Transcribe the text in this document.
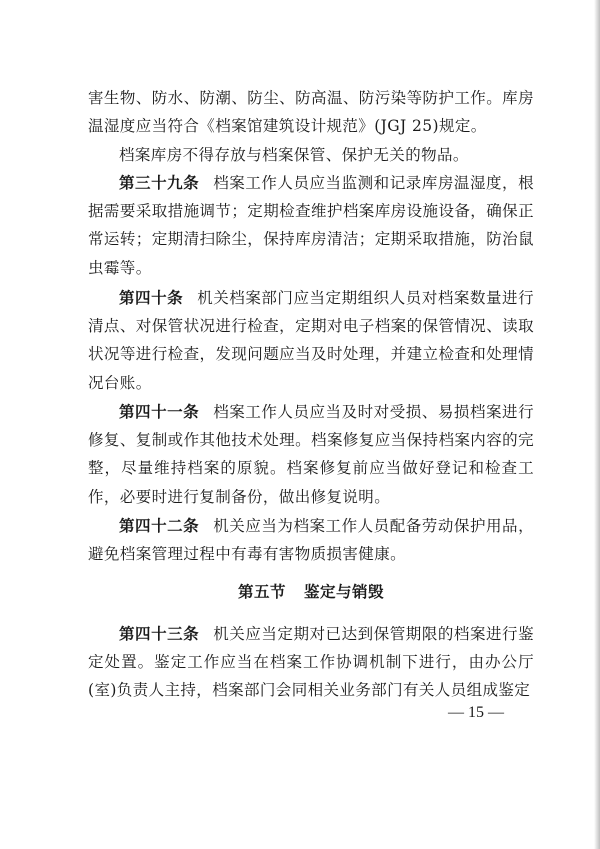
害生物、防水、防潮、防尘、防高温、防污染等防护工作。库房温湿度应当符合《档案馆建筑设计规范》(JGJ 25)规定。

档案库房不得存放与档案保管、保护无关的物品。

第三十九条 档案工作人员应当监测和记录库房温湿度，根据需要采取措施调节；定期检查维护档案库房设施设备，确保正常运转；定期清扫除尘，保持库房清洁；定期采取措施，防治鼠虫霉等。

第四十条 机关档案部门应当定期组织人员对档案数量进行清点、对保管状况进行检查，定期对电子档案的保管情况、读取状况等进行检查，发现问题应当及时处理，并建立检查和处理情况台账。

第四十一条 档案工作人员应当及时对受损、易损档案进行修复、复制或作其他技术处理。档案修复应当保持档案内容的完整，尽量维持档案的原貌。档案修复前应当做好登记和检查工作，必要时进行复制备份，做出修复说明。

第四十二条 机关应当为档案工作人员配备劳动保护用品，避免档案管理过程中有毒有害物质损害健康。

第五节 鉴定与销毁

第四十三条 机关应当定期对已达到保管期限的档案进行鉴定处置。鉴定工作应当在档案工作协调机制下进行，由办公厅(室)负责人主持，档案部门会同相关业务部门有关人员组成鉴定

— 15 —
